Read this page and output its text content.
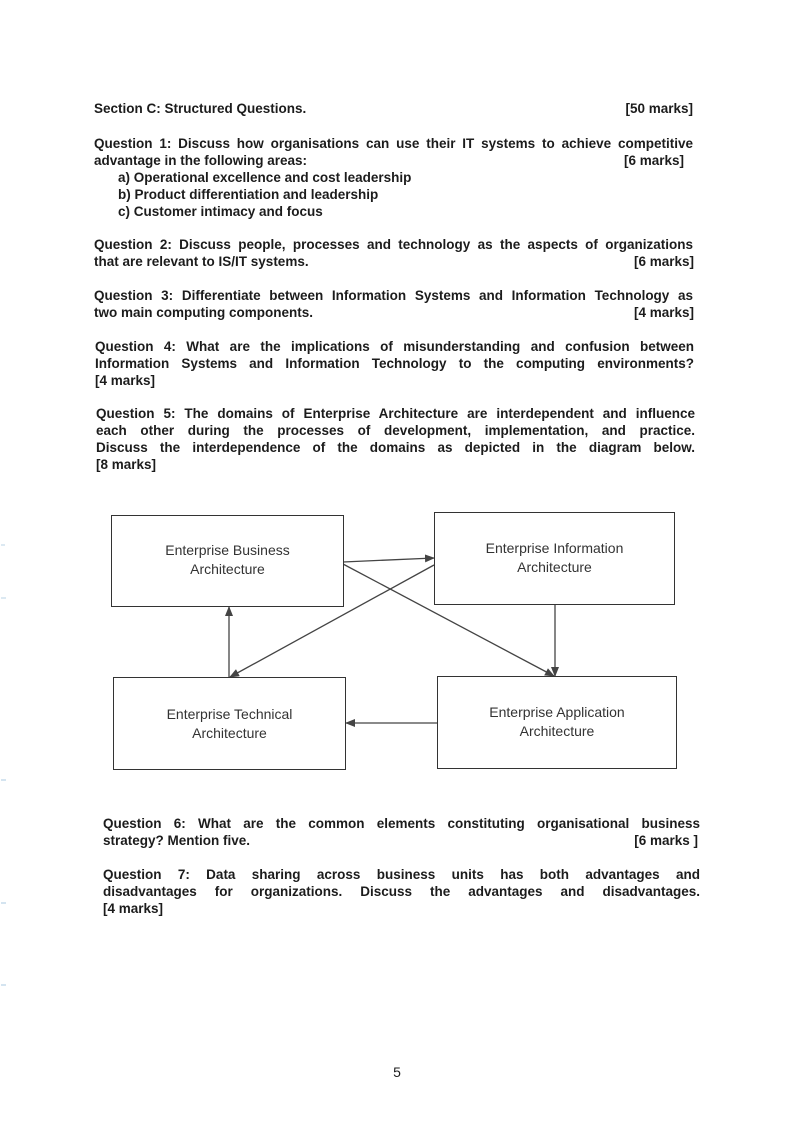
Section C: Structured Questions.	[50 marks]
Question 1: Discuss how organisations can use their IT systems to achieve competitive
advantage in the following areas:	[6 marks]
a) Operational excellence and cost leadership
b) Product differentiation and leadership
c) Customer intimacy and focus
Question 2: Discuss people, processes and technology as the aspects of organizations
that are relevant to IS/IT systems.	[6 marks]
Question 3: Differentiate between Information Systems and Information Technology as
two main computing components.	[4 marks]
Question 4: What are the implications of misunderstanding and confusion between
Information Systems and Information Technology to the computing environments?
[4 marks]
Question 5: The domains of Enterprise Architecture are interdependent and influence
each other during the processes of development, implementation, and practice.
Discuss the interdependence of the domains as depicted in the diagram below.
[8 marks]
Enterprise Business
Architecture
Enterprise Information
Architecture
Enterprise Technical
Architecture
Enterprise Application
Architecture
Question 6: What are the common elements constituting organisational business
strategy? Mention five.	[6 marks ]
Question 7: Data sharing across business units has both advantages and
disadvantages for organizations. Discuss the advantages and disadvantages.
[4 marks]
5
